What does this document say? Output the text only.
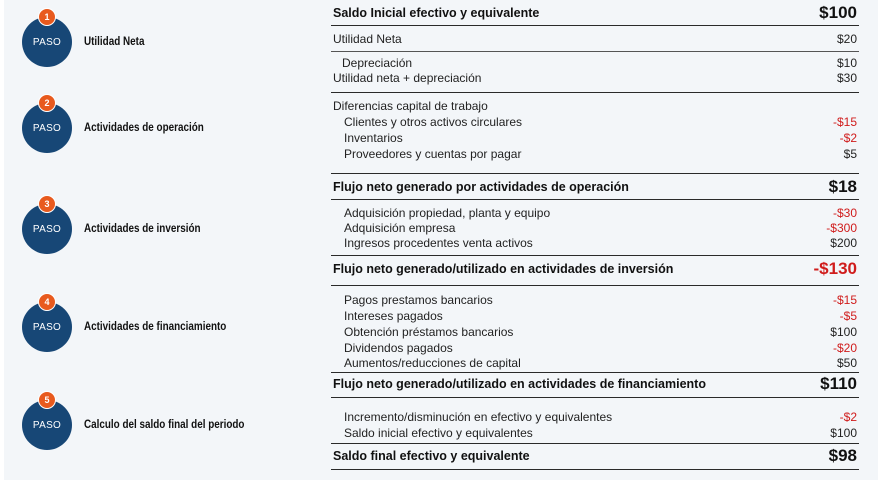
PASO
1
Utilidad Neta
PASO
2
Actividades de operación
PASO
3
Actividades de inversión
PASO
4
Actividades de financiamiento
PASO
5
Calculo del saldo final del periodo
Saldo Inicial efectivo y equivalente	$100
Utilidad Neta	$20
Depreciación	$10
Utilidad neta + depreciación	$30
Diferencias capital de trabajo
Clientes y otros activos circulares	-$15
Inventarios	-$2
Proveedores y cuentas por pagar	$5
Flujo neto generado por actividades de operación	$18
Adquisición propiedad, planta y equipo	-$30
Adquisición empresa	-$300
Ingresos procedentes venta activos	$200
Flujo neto generado/utilizado en actividades de inversión	-$130
Pagos prestamos bancarios	-$15
Intereses pagados	-$5
Obtención préstamos bancarios	$100
Dividendos pagados	-$20
Aumentos/reducciones de capital	$50
Flujo neto generado/utilizado en actividades de financiamiento	$110
Incremento/disminución en efectivo y equivalentes	-$2
Saldo inicial efectivo y equivalentes	$100
Saldo final efectivo y equivalente	$98
